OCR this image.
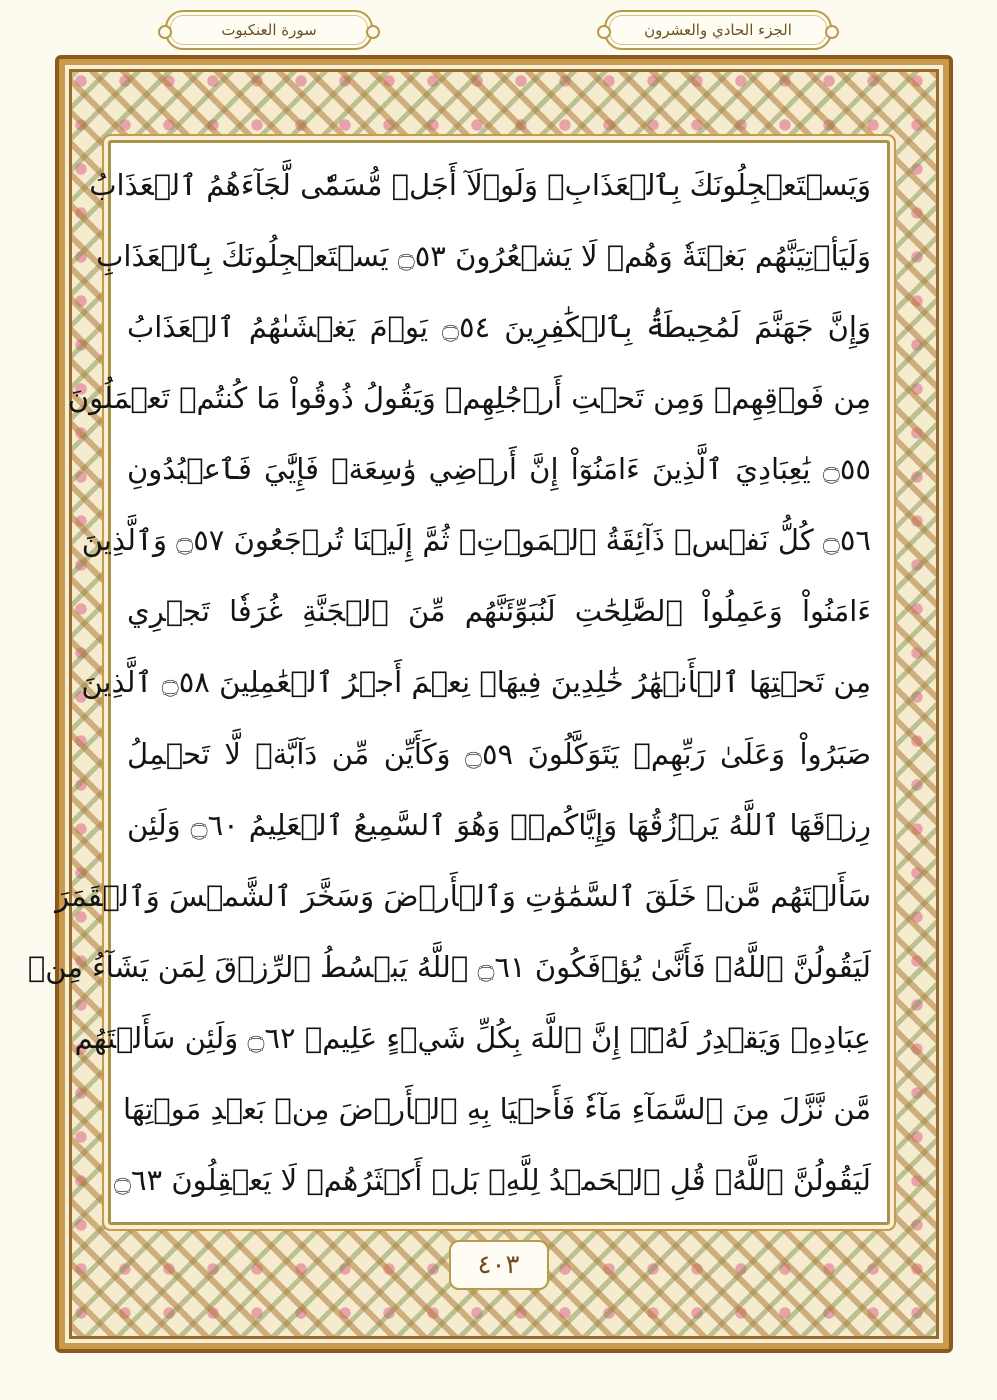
سورة العنكبوت	الجزء الحادي والعشرون
وَيَسۡتَعۡجِلُونَكَ بِٱلۡعَذَابِۚ وَلَوۡلَآ أَجَلٞ مُّسَمّٗى لَّجَآءَهُمُ ٱلۡعَذَابُ
وَلَيَأۡتِيَنَّهُم بَغۡتَةٗ وَهُمۡ لَا يَشۡعُرُونَ ۝٥٣ يَسۡتَعۡجِلُونَكَ بِٱلۡعَذَابِ
وَإِنَّ جَهَنَّمَ لَمُحِيطَةُۢ بِٱلۡكَٰفِرِينَ ۝٥٤ يَوۡمَ يَغۡشَىٰهُمُ ٱلۡعَذَابُ
مِن فَوۡقِهِمۡ وَمِن تَحۡتِ أَرۡجُلِهِمۡ وَيَقُولُ ذُوقُواْ مَا كُنتُمۡ تَعۡمَلُونَ
۝٥٥ يَٰعِبَادِيَ ٱلَّذِينَ ءَامَنُوٓاْ إِنَّ أَرۡضِي وَٰسِعَةٞ فَإِيَّٰيَ فَٱعۡبُدُونِ
۝٥٦ كُلُّ نَفۡسٖ ذَآئِقَةُ ٱلۡمَوۡتِۖ ثُمَّ إِلَيۡنَا تُرۡجَعُونَ ۝٥٧ وَٱلَّذِينَ
ءَامَنُواْ وَعَمِلُواْ ٱلصَّٰلِحَٰتِ لَنُبَوِّئَنَّهُم مِّنَ ٱلۡجَنَّةِ غُرَفٗا تَجۡرِي
مِن تَحۡتِهَا ٱلۡأَنۡهَٰرُ خَٰلِدِينَ فِيهَاۚ نِعۡمَ أَجۡرُ ٱلۡعَٰمِلِينَ ۝٥٨ ٱلَّذِينَ
صَبَرُواْ وَعَلَىٰ رَبِّهِمۡ يَتَوَكَّلُونَ ۝٥٩ وَكَأَيِّن مِّن دَآبَّةٖ لَّا تَحۡمِلُ
رِزۡقَهَا ٱللَّهُ يَرۡزُقُهَا وَإِيَّاكُمۡۚ وَهُوَ ٱلسَّمِيعُ ٱلۡعَلِيمُ ۝٦٠ وَلَئِن
سَأَلۡتَهُم مَّنۡ خَلَقَ ٱلسَّمَٰوَٰتِ وَٱلۡأَرۡضَ وَسَخَّرَ ٱلشَّمۡسَ وَٱلۡقَمَرَ
لَيَقُولُنَّ ٱللَّهُۖ فَأَنَّىٰ يُؤۡفَكُونَ ۝٦١ ٱللَّهُ يَبۡسُطُ ٱلرِّزۡقَ لِمَن يَشَآءُ مِنۡ
عِبَادِهِۦ وَيَقۡدِرُ لَهُۥٓۚ إِنَّ ٱللَّهَ بِكُلِّ شَيۡءٍ عَلِيمٞ ۝٦٢ وَلَئِن سَأَلۡتَهُم
مَّن نَّزَّلَ مِنَ ٱلسَّمَآءِ مَآءٗ فَأَحۡيَا بِهِ ٱلۡأَرۡضَ مِنۢ بَعۡدِ مَوۡتِهَا
لَيَقُولُنَّ ٱللَّهُۚ قُلِ ٱلۡحَمۡدُ لِلَّهِۚ بَلۡ أَكۡثَرُهُمۡ لَا يَعۡقِلُونَ ۝٦٣
٤٠٣
